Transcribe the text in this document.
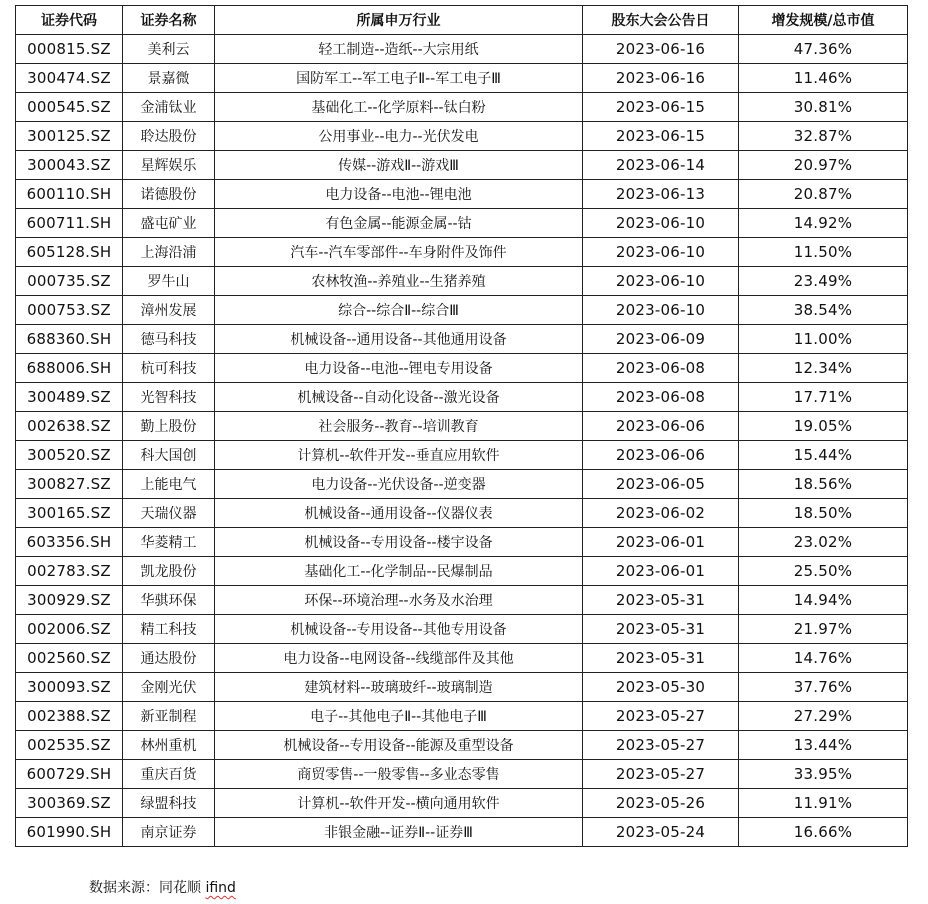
证券代码	证券名称	所属申万行业	股东大会公告日	增发规模/总市值
000815.SZ	美利云	轻工制造--造纸--大宗用纸	2023-06-16	47.36%
300474.SZ	景嘉微	国防军工--军工电子Ⅱ--军工电子Ⅲ	2023-06-16	11.46%
000545.SZ	金浦钛业	基础化工--化学原料--钛白粉	2023-06-15	30.81%
300125.SZ	聆达股份	公用事业--电力--光伏发电	2023-06-15	32.87%
300043.SZ	星辉娱乐	传媒--游戏Ⅱ--游戏Ⅲ	2023-06-14	20.97%
600110.SH	诺德股份	电力设备--电池--锂电池	2023-06-13	20.87%
600711.SH	盛屯矿业	有色金属--能源金属--钴	2023-06-10	14.92%
605128.SH	上海沿浦	汽车--汽车零部件--车身附件及饰件	2023-06-10	11.50%
000735.SZ	罗牛山	农林牧渔--养殖业--生猪养殖	2023-06-10	23.49%
000753.SZ	漳州发展	综合--综合Ⅱ--综合Ⅲ	2023-06-10	38.54%
688360.SH	德马科技	机械设备--通用设备--其他通用设备	2023-06-09	11.00%
688006.SH	杭可科技	电力设备--电池--锂电专用设备	2023-06-08	12.34%
300489.SZ	光智科技	机械设备--自动化设备--激光设备	2023-06-08	17.71%
002638.SZ	勤上股份	社会服务--教育--培训教育	2023-06-06	19.05%
300520.SZ	科大国创	计算机--软件开发--垂直应用软件	2023-06-06	15.44%
300827.SZ	上能电气	电力设备--光伏设备--逆变器	2023-06-05	18.56%
300165.SZ	天瑞仪器	机械设备--通用设备--仪器仪表	2023-06-02	18.50%
603356.SH	华菱精工	机械设备--专用设备--楼宇设备	2023-06-01	23.02%
002783.SZ	凯龙股份	基础化工--化学制品--民爆制品	2023-06-01	25.50%
300929.SZ	华骐环保	环保--环境治理--水务及水治理	2023-05-31	14.94%
002006.SZ	精工科技	机械设备--专用设备--其他专用设备	2023-05-31	21.97%
002560.SZ	通达股份	电力设备--电网设备--线缆部件及其他	2023-05-31	14.76%
300093.SZ	金刚光伏	建筑材料--玻璃玻纤--玻璃制造	2023-05-30	37.76%
002388.SZ	新亚制程	电子--其他电子Ⅱ--其他电子Ⅲ	2023-05-27	27.29%
002535.SZ	林州重机	机械设备--专用设备--能源及重型设备	2023-05-27	13.44%
600729.SH	重庆百货	商贸零售--一般零售--多业态零售	2023-05-27	33.95%
300369.SZ	绿盟科技	计算机--软件开发--横向通用软件	2023-05-26	11.91%
601990.SH	南京证券	非银金融--证券Ⅱ--证券Ⅲ	2023-05-24	16.66%
数据来源：同花顺 ifind
